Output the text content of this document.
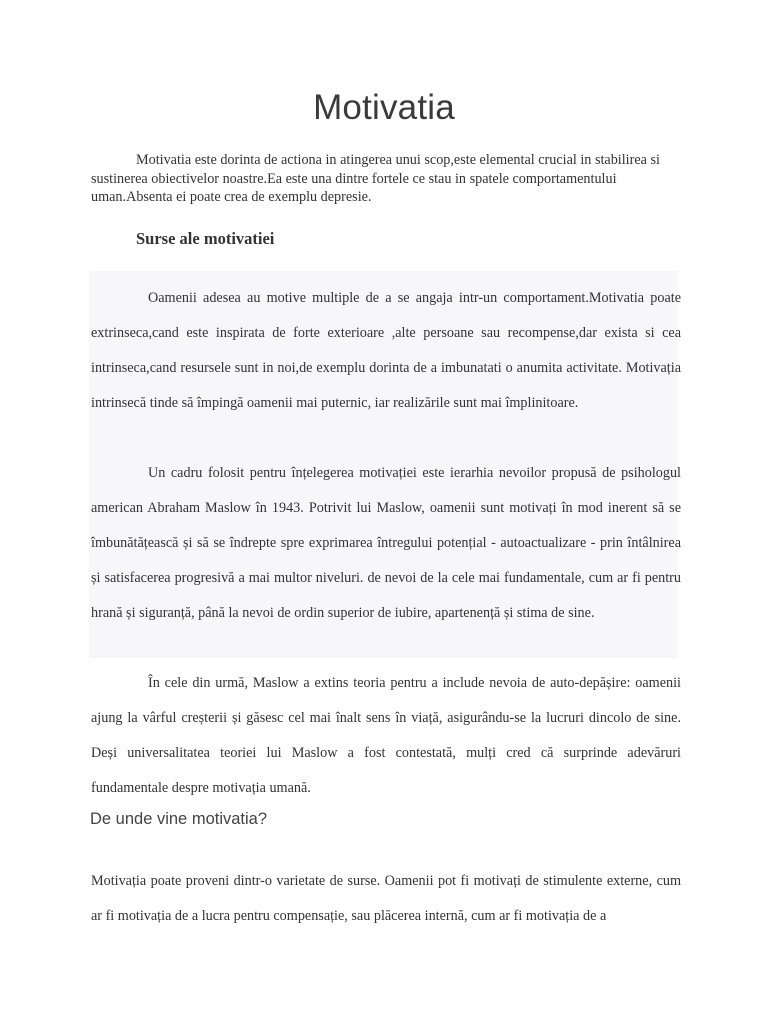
Motivatia

Motivatia este dorinta de actiona in atingerea unui scop,este elemental crucial in stabilirea si sustinerea obiectivelor noastre.Ea este una dintre fortele ce stau in spatele comportamentului uman.Absenta ei poate crea de exemplu depresie.

Surse ale motivatiei

Oamenii adesea au motive multiple de a se angaja intr-un comportament.Motivatia poate extrinseca,cand este inspirata de forte exterioare ,alte persoane sau recompense,dar exista si cea intrinseca,cand resursele sunt in noi,de exemplu dorinta de a imbunatati o anumita activitate. Motivația intrinsecă tinde să împingă oamenii mai puternic, iar realizările sunt mai împlinitoare.

Un cadru folosit pentru înțelegerea motivației este ierarhia nevoilor propusă de psihologul american Abraham Maslow în 1943. Potrivit lui Maslow, oamenii sunt motivați în mod inerent să se îmbunătățească și să se îndrepte spre exprimarea întregului potențial - autoactualizare - prin întâlnirea și satisfacerea progresivă a mai multor niveluri. de nevoi de la cele mai fundamentale, cum ar fi pentru hrană și siguranță, până la nevoi de ordin superior de iubire, apartenență și stima de sine.

În cele din urmă, Maslow a extins teoria pentru a include nevoia de auto-depășire: oamenii ajung la vârful creșterii și găsesc cel mai înalt sens în viață, asigurându-se la lucruri dincolo de sine. Deși universalitatea teoriei lui Maslow a fost contestată, mulți cred că surprinde adevăruri fundamentale despre motivația umană.

De unde vine motivatia?

Motivația poate proveni dintr-o varietate de surse. Oamenii pot fi motivați de stimulente externe, cum ar fi motivația de a lucra pentru compensație, sau plăcerea internă, cum ar fi motivația de a
